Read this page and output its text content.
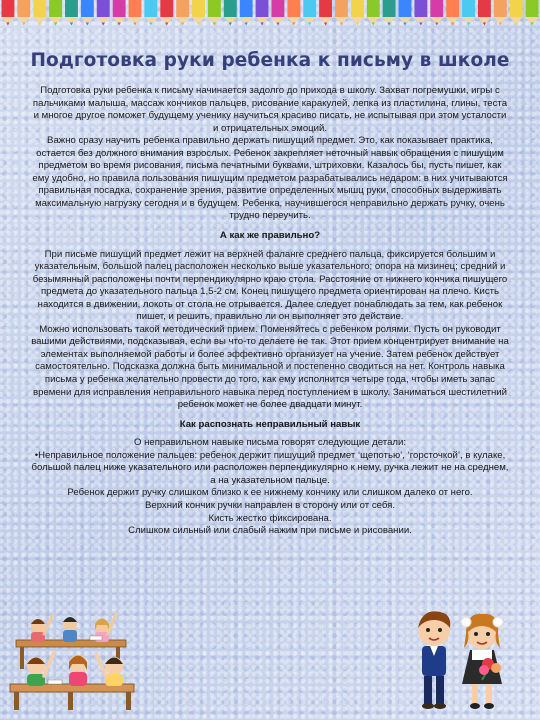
Подготовка руки ребенка к письму в школе

Подготовка руки ребенка к письму начинается задолго до прихода в школу. Захват погремушки, игры с пальчиками малыша, массаж кончиков пальцев, рисование каракулей, лепка из пластилина, глины, теста и многое другое поможет будущему ученику научиться красиво писать, не испытывая при этом усталости и отрицательных эмоций.

Важно сразу научить ребенка правильно держать пишущий предмет. Это, как показывает практика, остается без должного внимания взрослых. Ребенок закрепляет неточный навык обращения с пишущим предметом во время рисования, письма печатными буквами, штриховки. Казалось бы, пусть пишет, как ему удобно, но правила пользования пишущим предметом разрабатывались недаром: в них учитываются правильная посадка, сохранение зрения, развитие определенных мышц руки, способных выдерживать максимальную нагрузку сегодня и в будущем. Ребенка, научившегося неправильно держать ручку, очень трудно переучить.

А как же правильно?

При письме пишущий предмет лежит на верхней фаланге среднего пальца, фиксируется большим и указательным, большой палец расположен несколько выше указательного; опора на мизинец; средний и безымянный расположены почти перпендикулярно краю стола. Расстояние от нижнего кончика пишущего предмета до указательного пальца 1,5-2 см. Конец пишущего предмета ориентирован на плечо. Кисть находится в движении, локоть от стола не отрывается. Далее следует понаблюдать за тем, как ребенок пишет, и решить, правильно ли он выполняет это действие.

Можно использовать такой методический прием. Поменяйтесь с ребенком ролями. Пусть он руководит вашими действиями, подсказывая, если вы что-то делаете не так. Этот прием концентрирует внимание на элементах выполняемой работы и более эффективно организует на учение. Затем ребенок действует самостоятельно. Подсказка должна быть минимальной и постепенно сводиться на нет. Контроль навыка письма у ребенка желательно провести до того, как ему исполнится четыре года, чтобы иметь запас времени для исправления неправильного навыка перед поступлением в школу. Заниматься шестилетний ребенок может не более двадцати минут.

Как распознать неправильный навык

О неправильном навыке письма говорят следующие детали:

•Неправильное положение пальцев: ребенок держит пишущий предмет ‘щепотью’, ‘горсточкой’, в кулаке, большой палец ниже указательного или расположен перпендикулярно к нему, ручка лежит не на среднем, а на указательном пальце.

Ребенок держит ручку слишком близко к ее нижнему кончику или слишком далеко от него.

Верхний кончик ручки направлен в сторону или от себя.

Кисть жестко фиксирована.

Слишком сильный или слабый нажим при письме и рисовании.
